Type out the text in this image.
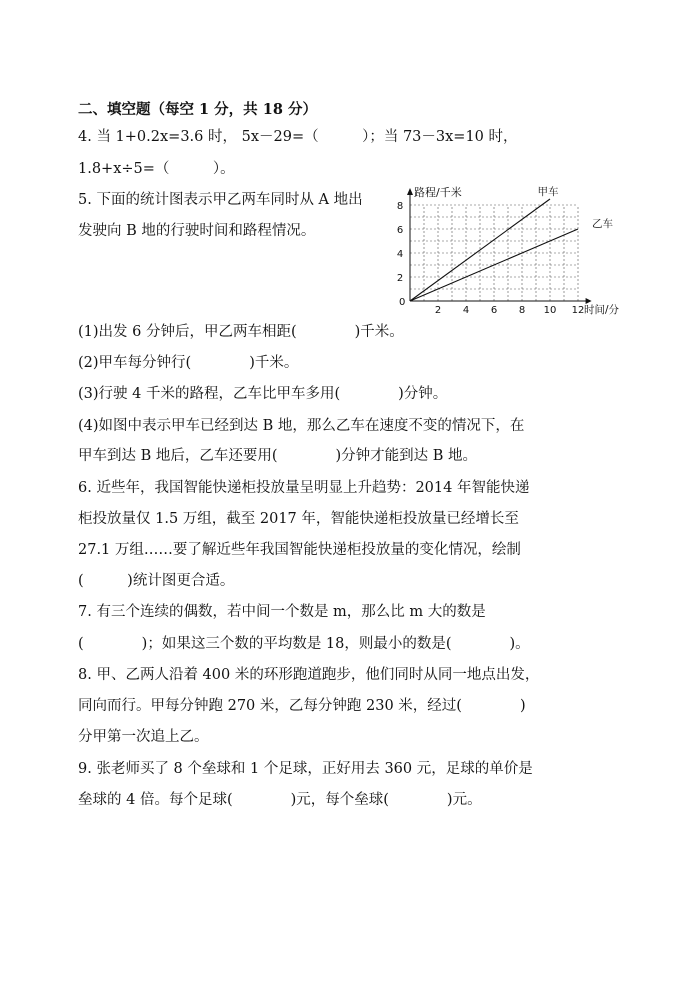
二、填空题（每空 1 分，共 18 分）
4. 当 1+0.2x=3.6 时， 5x－29=（　　　）；当 73－3x=10 时，
1.8+x÷5=（　　　）。
5. 下面的统计图表示甲乙两车同时从 A 地出
发驶向 B 地的行驶时间和路程情况。
路程/千米
0
2 4 6 8 10 12 时间/分
2
4
6
8
甲车
乙车
(1)出发 6 分钟后，甲乙两车相距(　　　　)千米。
(2)甲车每分钟行(　　　　)千米。
(3)行驶 4 千米的路程，乙车比甲车多用(　　　　)分钟。
(4)如图中表示甲车已经到达 B 地，那么乙车在速度不变的情况下，在
甲车到达 B 地后，乙车还要用(　　　　)分钟才能到达 B 地。
6. 近些年，我国智能快递柜投放量呈明显上升趋势：2014 年智能快递
柜投放量仅 1.5 万组，截至 2017 年，智能快递柜投放量已经增长至
27.1 万组……要了解近些年我国智能快递柜投放量的变化情况，绘制
(　　　)统计图更合适。
7. 有三个连续的偶数，若中间一个数是 m，那么比 m 大的数是
(　　　　)；如果这三个数的平均数是 18，则最小的数是(　　　　)。
8. 甲、乙两人沿着 400 米的环形跑道跑步，他们同时从同一地点出发，
同向而行。甲每分钟跑 270 米，乙每分钟跑 230 米，经过(　　　　)
分甲第一次追上乙。
9. 张老师买了 8 个垒球和 1 个足球，正好用去 360 元，足球的单价是
垒球的 4 倍。每个足球(　　　　)元，每个垒球(　　　　)元。
